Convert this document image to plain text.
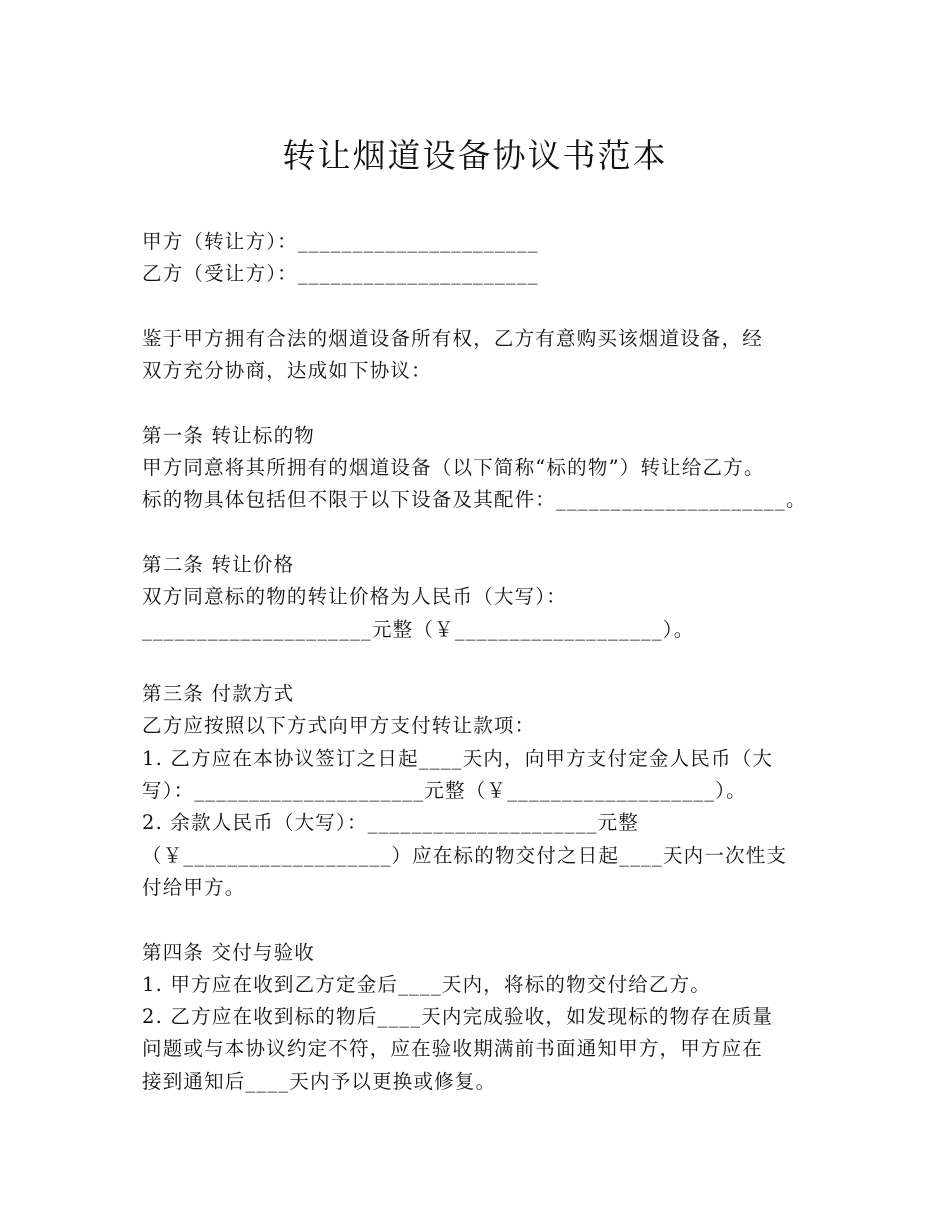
转让烟道设备协议书范本

甲方（转让方）：______________________

乙方（受让方）：______________________

鉴于甲方拥有合法的烟道设备所有权，乙方有意购买该烟道设备，经

双方充分协商，达成如下协议：

第一条 转让标的物

甲方同意将其所拥有的烟道设备（以下简称“标的物”）转让给乙方。

标的物具体包括但不限于以下设备及其配件：_____________________。

第二条 转让价格

双方同意标的物的转让价格为人民币（大写）：

_____________________元整（￥___________________）。

第三条 付款方式

乙方应按照以下方式向甲方支付转让款项：

1. 乙方应在本协议签订之日起____天内，向甲方支付定金人民币（大

写）：_____________________元整（￥___________________）。

2. 余款人民币（大写）：_____________________元整

（￥___________________）应在标的物交付之日起____天内一次性支

付给甲方。

第四条 交付与验收

1. 甲方应在收到乙方定金后____天内，将标的物交付给乙方。

2. 乙方应在收到标的物后____天内完成验收，如发现标的物存在质量

问题或与本协议约定不符，应在验收期满前书面通知甲方，甲方应在

接到通知后____天内予以更换或修复。
